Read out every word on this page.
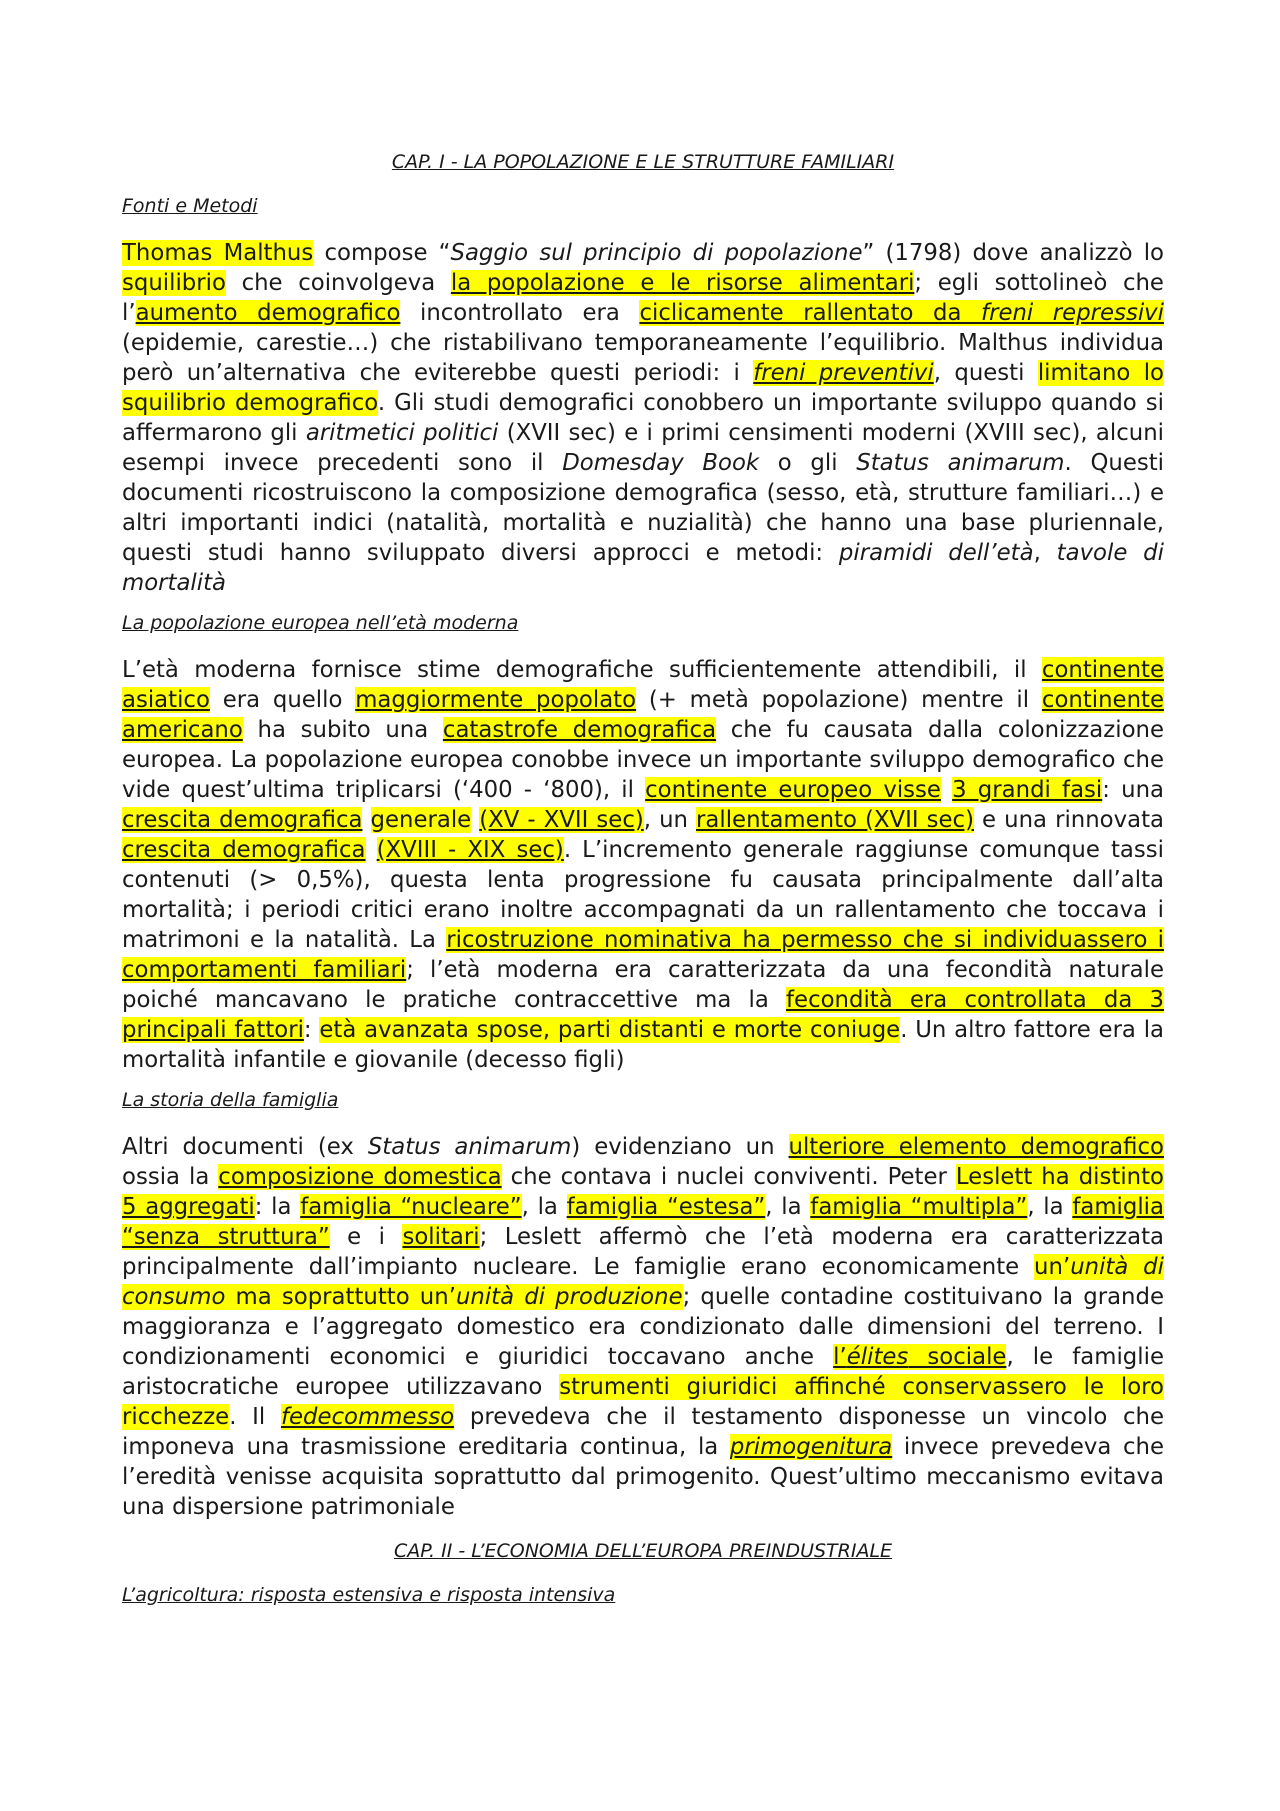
CAP. I - LA POPOLAZIONE E LE STRUTTURE FAMILIARI
Fonti e Metodi
Thomas Malthus compose “Saggio sul principio di popolazione” (1798) dove analizzò lo squilibrio che coinvolgeva la popolazione e le risorse alimentari; egli sottolineò che l’aumento demografico incontrollato era ciclicamente rallentato da freni repressivi (epidemie, carestie…) che ristabilivano temporaneamente l’equilibrio. Malthus individua però un’alternativa che eviterebbe questi periodi: i freni preventivi, questi limitano lo squilibrio demografico. Gli studi demografici conobbero un importante sviluppo quando si affermarono gli aritmetici politici (XVII sec) e i primi censimenti moderni (XVIII sec), alcuni esempi invece precedenti sono il Domesday Book o gli Status animarum. Questi documenti ricostruiscono la composizione demografica (sesso, età, strutture familiari…) e altri importanti indici (natalità, mortalità e nuzialità) che hanno una base pluriennale, questi studi hanno sviluppato diversi approcci e metodi: piramidi dell’età, tavole di mortalità
La popolazione europea nell’età moderna
L’età moderna fornisce stime demografiche sufficientemente attendibili, il continente asiatico era quello maggiormente popolato (+ metà popolazione) mentre il continente americano ha subito una catastrofe demografica che fu causata dalla colonizzazione europea. La popolazione europea conobbe invece un importante sviluppo demografico che vide quest’ultima triplicarsi (‘400 - ‘800), il continente europeo visse 3 grandi fasi: una crescita demografica generale (XV - XVII sec), un rallentamento (XVII sec) e una rinnovata crescita demografica (XVIII - XIX sec). L’incremento generale raggiunse comunque tassi contenuti (> 0,5%), questa lenta progressione fu causata principalmente dall’alta mortalità; i periodi critici erano inoltre accompagnati da un rallentamento che toccava i matrimoni e la natalità. La ricostruzione nominativa ha permesso che si individuassero i comportamenti familiari; l’età moderna era caratterizzata da una fecondità naturale poiché mancavano le pratiche contraccettive ma la fecondità era controllata da 3 principali fattori: età avanzata spose, parti distanti e morte coniuge. Un altro fattore era la mortalità infantile e giovanile (decesso figli)
La storia della famiglia
Altri documenti (ex Status animarum) evidenziano un ulteriore elemento demografico ossia la composizione domestica che contava i nuclei conviventi. Peter Leslett ha distinto 5 aggregati: la famiglia “nucleare”, la famiglia “estesa”, la famiglia “multipla”, la famiglia “senza struttura” e i solitari; Leslett affermò che l’età moderna era caratterizzata principalmente dall’impianto nucleare. Le famiglie erano economicamente un’unità di consumo ma soprattutto un’unità di produzione; quelle contadine costituivano la grande maggioranza e l’aggregato domestico era condizionato dalle dimensioni del terreno. I condizionamenti economici e giuridici toccavano anche l’élites sociale, le famiglie aristocratiche europee utilizzavano strumenti giuridici affinché conservassero le loro ricchezze. Il fedecommesso prevedeva che il testamento disponesse un vincolo che imponeva una trasmissione ereditaria continua, la primogenitura invece prevedeva che l’eredità venisse acquisita soprattutto dal primogenito. Quest’ultimo meccanismo evitava una dispersione patrimoniale
CAP. II - L’ECONOMIA DELL’EUROPA PREINDUSTRIALE
L’agricoltura: risposta estensiva e risposta intensiva
